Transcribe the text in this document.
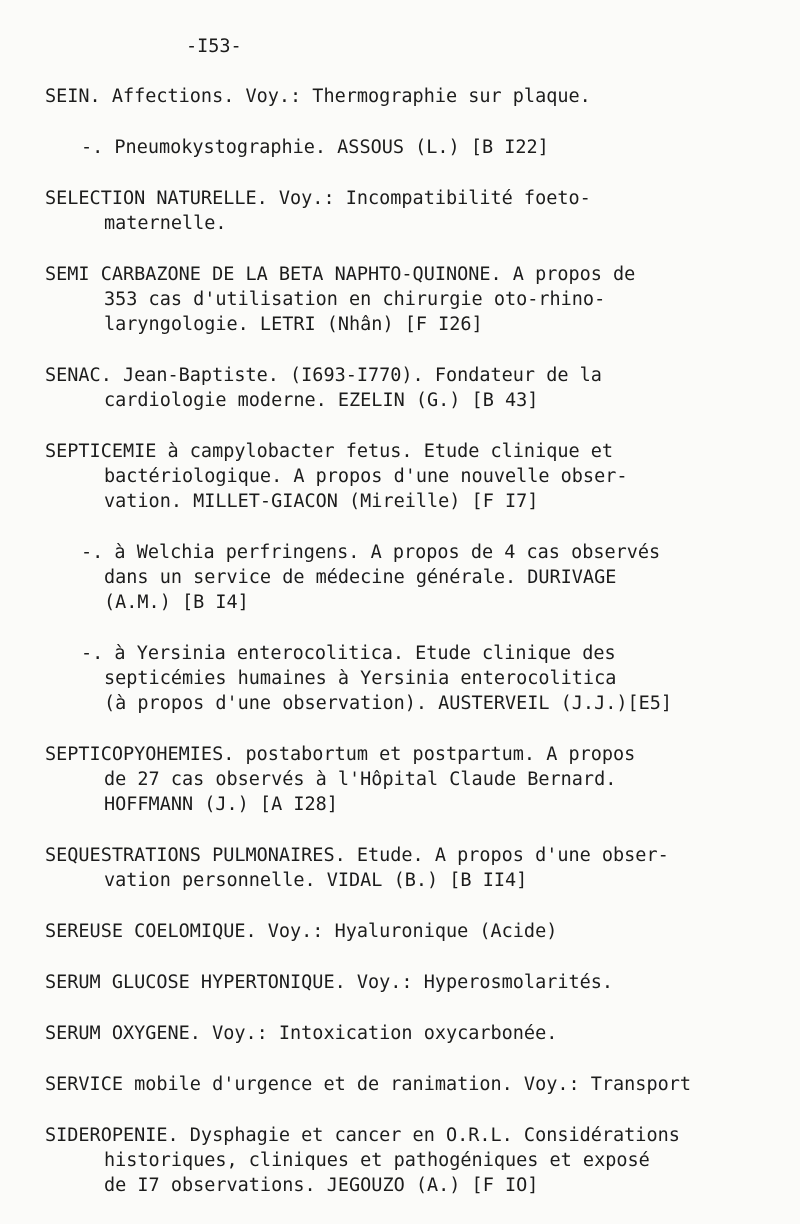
-I53-
SEIN. Affections. Voy.: Thermographie sur plaque.
-. Pneumokystographie. ASSOUS (L.) [B I22]
SELECTION NATURELLE. Voy.: Incompatibilité foeto-
maternelle.
SEMI CARBAZONE DE LA BETA NAPHTO-QUINONE. A propos de
353 cas d'utilisation en chirurgie oto-rhino-
laryngologie. LETRI (Nhân) [F I26]
SENAC. Jean-Baptiste. (I693-I770). Fondateur de la
cardiologie moderne. EZELIN (G.) [B 43]
SEPTICEMIE à campylobacter fetus. Etude clinique et
bactériologique. A propos d'une nouvelle obser-
vation. MILLET-GIACON (Mireille) [F I7]
-. à Welchia perfringens. A propos de 4 cas observés
dans un service de médecine générale. DURIVAGE
(A.M.) [B I4]
-. à Yersinia enterocolitica. Etude clinique des
septicémies humaines à Yersinia enterocolitica
(à propos d'une observation). AUSTERVEIL (J.J.)[E5]
SEPTICOPYOHEMIES. postabortum et postpartum. A propos
de 27 cas observés à l'Hôpital Claude Bernard.
HOFFMANN (J.) [A I28]
SEQUESTRATIONS PULMONAIRES. Etude. A propos d'une obser-
vation personnelle. VIDAL (B.) [B II4]
SEREUSE COELOMIQUE. Voy.: Hyaluronique (Acide)
SERUM GLUCOSE HYPERTONIQUE. Voy.: Hyperosmolarités.
SERUM OXYGENE. Voy.: Intoxication oxycarbonée.
SERVICE mobile d'urgence et de ranimation. Voy.: Transport
SIDEROPENIE. Dysphagie et cancer en O.R.L. Considérations
historiques, cliniques et pathogéniques et exposé
de I7 observations. JEGOUZO (A.) [F IO]
